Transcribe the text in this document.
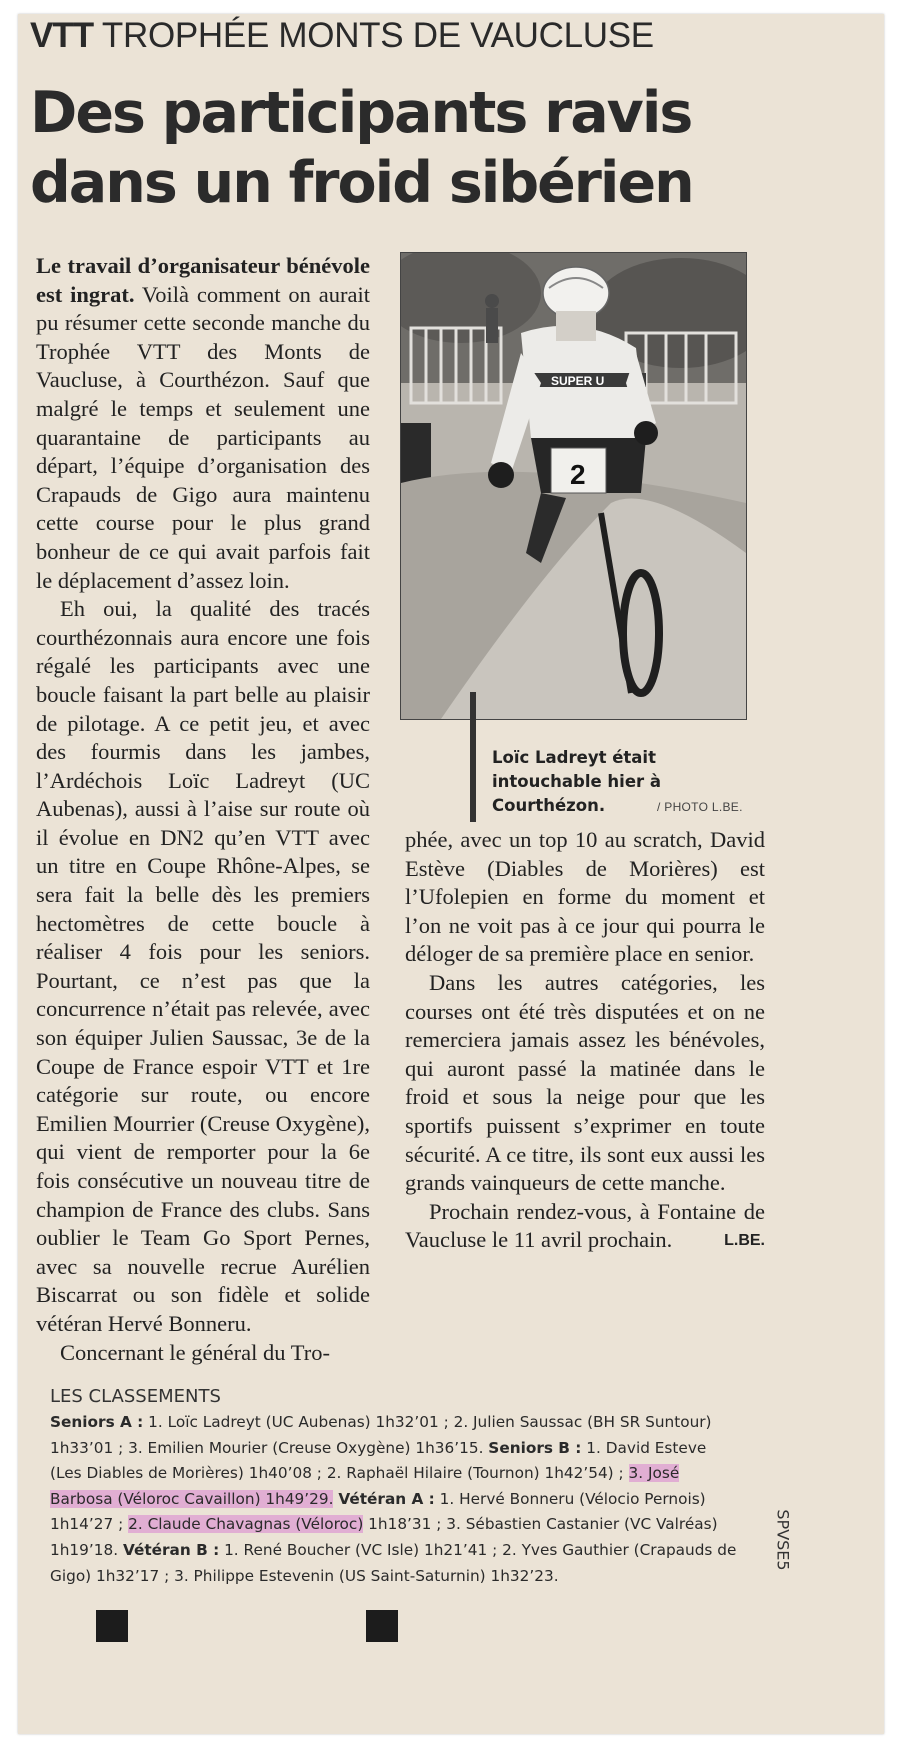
VTT TROPHÉE MONTS DE VAUCLUSE
Des participants ravis
dans un froid sibérien

Le travail d’organisateur bénévole est ingrat. Voilà comment on aurait pu résumer cette seconde manche du Trophée VTT des Monts de Vaucluse, à Courthézon. Sauf que malgré le temps et seulement une quarantaine de participants au départ, l’équipe d’organisation des Crapauds de Gigo aura maintenu cette course pour le plus grand bonheur de ce qui avait parfois fait le déplacement d’assez loin.

Eh oui, la qualité des tracés courthézonnais aura encore une fois régalé les participants avec une boucle faisant la part belle au plaisir de pilotage. A ce petit jeu, et avec des fourmis dans les jambes, l’Ardéchois Loïc Ladreyt (UC Aubenas), aussi à l’aise sur route où il évolue en DN2 qu’en VTT avec un titre en Coupe Rhône-Alpes, se sera fait la belle dès les premiers hectomètres de cette boucle à réaliser 4 fois pour les seniors. Pourtant, ce n’est pas que la concurrence n’était pas relevée, avec son équiper Julien Saussac, 3e de la Coupe de France espoir VTT et 1re catégorie sur route, ou encore Emilien Mourrier (Creuse Oxygène), qui vient de remporter pour la 6e fois consécutive un nouveau titre de champion de France des clubs. Sans oublier le Team Go Sport Pernes, avec sa nouvelle recrue Aurélien Biscarrat ou son fidèle et solide vétéran Hervé Bonneru.

Concernant le général du Tro-

SUPER U
2

Loïc Ladreyt était intouchable hier à Courthézon.	/ PHOTO L.BE.

phée, avec un top 10 au scratch, David Estève (Diables de Morières) est l’Ufolepien en forme du moment et l’on ne voit pas à ce jour qui pourra le déloger de sa première place en senior.

Dans les autres catégories, les courses ont été très disputées et on ne remerciera jamais assez les bénévoles, qui auront passé la matinée dans le froid et sous la neige pour que les sportifs puissent s’exprimer en toute sécurité. A ce titre, ils sont eux aussi les grands vainqueurs de cette manche.

Prochain rendez-vous, à Fontaine de Vaucluse le 11 avril prochain.	L.BE.
LES CLASSEMENTS

Seniors A : 1. Loïc Ladreyt (UC Aubenas) 1h32’01 ; 2. Julien Saussac (BH SR Suntour) 1h33’01 ; 3. Emilien Mourier (Creuse Oxygène) 1h36’15. Seniors B : 1. David Esteve (Les Diables de Morières) 1h40’08 ; 2. Raphaël Hilaire (Tournon) 1h42’54) ; 3. José Barbosa (Véloroc Cavaillon) 1h49’29. Vétéran A : 1. Hervé Bonneru (Vélocio Pernois) 1h14’27 ; 2. Claude Chavagnas (Véloroc) 1h18’31 ; 3. Sébastien Castanier (VC Valréas) 1h19’18. Vétéran B : 1. René Boucher (VC Isle) 1h21’41 ; 2. Yves Gauthier (Crapauds de Gigo) 1h32’17 ; 3. Philippe Estevenin (US Saint-Saturnin) 1h32’23.

SPVSE5
